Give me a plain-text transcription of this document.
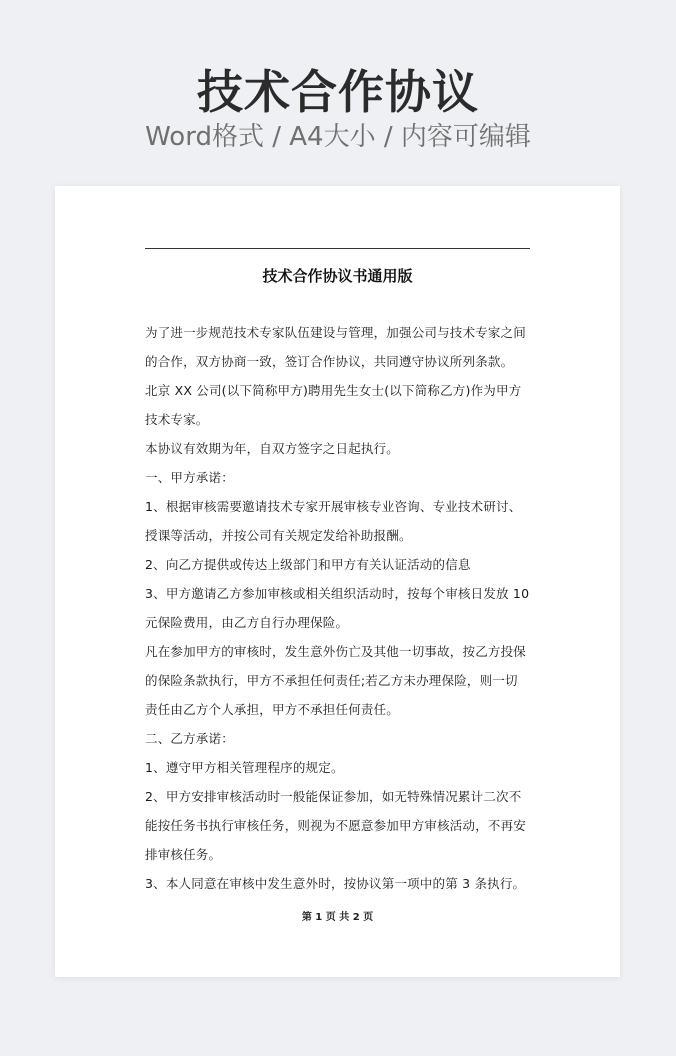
技术合作协议

Word格式 / A4大小 / 内容可编辑

技术合作协议书通用版

为了进一步规范技术专家队伍建设与管理，加强公司与技术专家之间的合作，双方协商一致，签订合作协议，共同遵守协议所列条款。

北京 XX 公司(以下简称甲方)聘用先生女士(以下简称乙方)作为甲方技术专家。

本协议有效期为年，自双方签字之日起执行。

一、甲方承诺：

1、根据审核需要邀请技术专家开展审核专业咨询、专业技术研讨、授课等活动，并按公司有关规定发给补助报酬。

2、向乙方提供或传达上级部门和甲方有关认证活动的信息

3、甲方邀请乙方参加审核或相关组织活动时，按每个审核日发放 10 元保险费用，由乙方自行办理保险。

凡在参加甲方的审核时，发生意外伤亡及其他一切事故，按乙方投保的保险条款执行，甲方不承担任何责任;若乙方未办理保险，则一切责任由乙方个人承担，甲方不承担任何责任。

二、乙方承诺：

1、遵守甲方相关管理程序的规定。

2、甲方安排审核活动时一般能保证参加，如无特殊情况累计二次不能按任务书执行审核任务，则视为不愿意参加甲方审核活动，不再安排审核任务。

3、本人同意在审核中发生意外时，按协议第一项中的第 3 条执行。

第 1 页 共 2 页
